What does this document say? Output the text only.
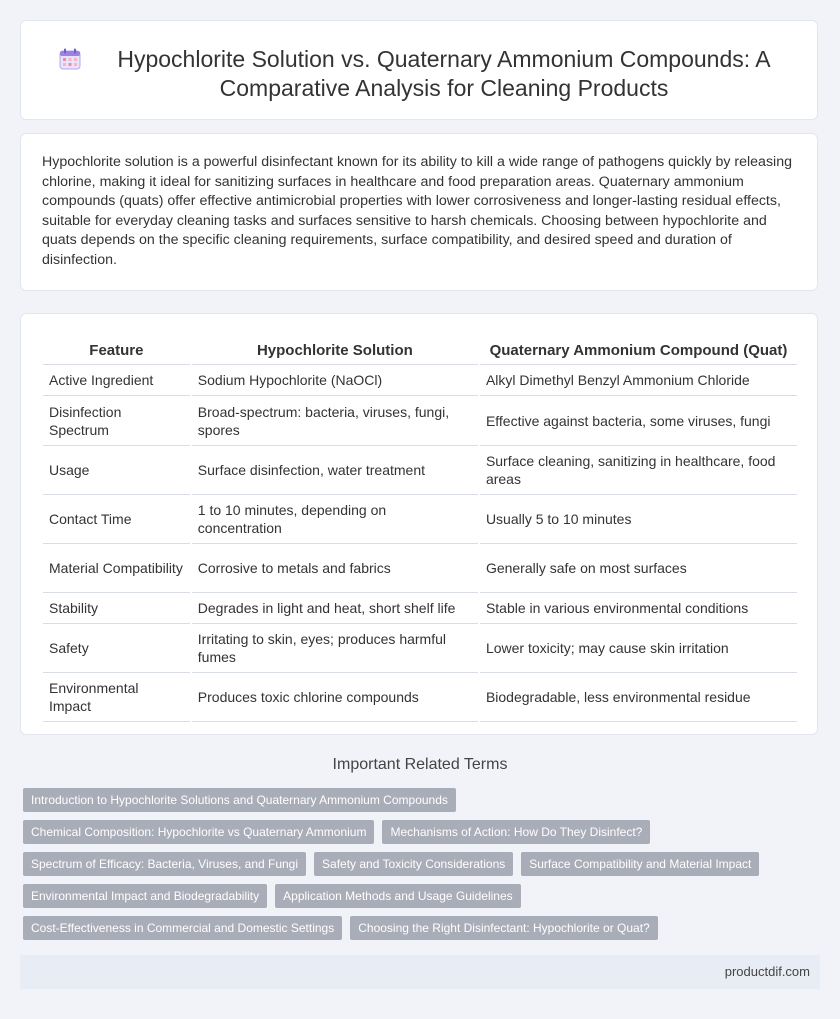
Hypochlorite Solution vs. Quaternary Ammonium Compounds: A Comparative Analysis for Cleaning Products

Hypochlorite solution is a powerful disinfectant known for its ability to kill a wide range of pathogens quickly by releasing chlorine, making it ideal for sanitizing surfaces in healthcare and food preparation areas. Quaternary ammonium compounds (quats) offer effective antimicrobial properties with lower corrosiveness and longer-lasting residual effects, suitable for everyday cleaning tasks and surfaces sensitive to harsh chemicals. Choosing between hypochlorite and quats depends on the specific cleaning requirements, surface compatibility, and desired speed and duration of disinfection.

Feature	Hypochlorite Solution	Quaternary Ammonium Compound (Quat)
Active Ingredient	Sodium Hypochlorite (NaOCl)	Alkyl Dimethyl Benzyl Ammonium Chloride
Disinfection Spectrum	Broad-spectrum: bacteria, viruses, fungi, spores	Effective against bacteria, some viruses, fungi
Usage	Surface disinfection, water treatment	Surface cleaning, sanitizing in healthcare, food areas
Contact Time	1 to 10 minutes, depending on concentration	Usually 5 to 10 minutes
Material Compatibility	Corrosive to metals and fabrics	Generally safe on most surfaces
Stability	Degrades in light and heat, short shelf life	Stable in various environmental conditions
Safety	Irritating to skin, eyes; produces harmful fumes	Lower toxicity; may cause skin irritation
Environmental Impact	Produces toxic chlorine compounds	Biodegradable, less environmental residue
Important Related Terms
Introduction to Hypochlorite Solutions and Quaternary Ammonium Compounds
Chemical Composition: Hypochlorite vs Quaternary Ammonium	Mechanisms of Action: How Do They Disinfect?
Spectrum of Efficacy: Bacteria, Viruses, and Fungi	Safety and Toxicity Considerations	Surface Compatibility and Material Impact
Environmental Impact and Biodegradability	Application Methods and Usage Guidelines
Cost-Effectiveness in Commercial and Domestic Settings	Choosing the Right Disinfectant: Hypochlorite or Quat?
productdif.com
